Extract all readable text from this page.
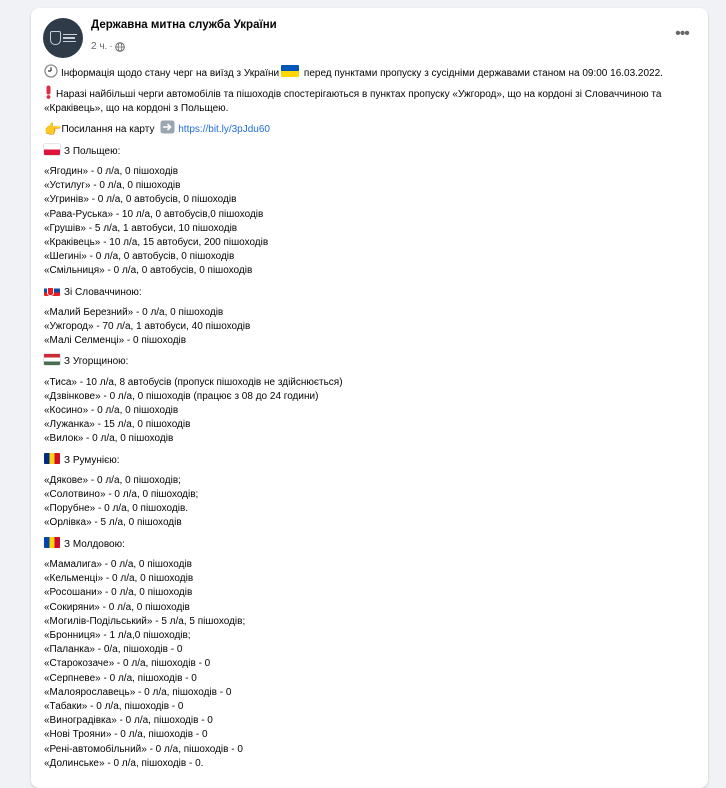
Державна митна служба України
2 ч. ·
•••
Інформація щодо стану черг на виїзд з України перед пунктами пропуску з сусідніми державами станом на 09:00 16.03.2022.
Наразі найбільші черги автомобілів та пішоходів спостерігаються в пунктах пропуску «Ужгород», що на кордоні зі Словаччиною та «Краківець», що на кордоні з Польщею.
👉Посилання на карту https://bit.ly/3pJdu60
З Польщею:
«Ягодин» - 0 л/а, 0 пішоходів
«Устилуг» - 0 л/а, 0 пішоходів
«Угринів» - 0 л/а, 0 автобусів, 0 пішоходів
«Рава-Руська» - 10 л/а, 0 автобусів,0 пішоходів
«Грушів» - 5 л/а, 1 автобуси, 10 пішоходів
«Краківець» - 10 л/а, 15 автобуси, 200 пішоходів
«Шегині» - 0 л/а, 0 автобусів, 0 пішоходів
«Смільниця» - 0 л/а, 0 автобусів, 0 пішоходів
Зі Словаччиною:
«Малий Березний» - 0 л/а, 0 пішоходів
«Ужгород» - 70 л/а, 1 автобуси, 40 пішоходів
«Малі Селменці» - 0 пішоходів
З Угорщиною:
«Тиса» - 10 л/а, 8 автобусів (пропуск пішоходів не здійснюється)
«Дзвінкове» - 0 л/а, 0 пішоходів (працює з 08 до 24 години)
«Косино» - 0 л/а, 0 пішоходів
«Лужанка» - 15 л/а, 0 пішоходів
«Вилок» - 0 л/а, 0 пішоходів
З Румунією:
«Дякове» - 0 л/а, 0 пішоходів;
«Солотвино» - 0 л/а, 0 пішоходів;
«Порубне» - 0 л/а, 0 пішоходів.
«Орлівка» - 5 л/а, 0 пішоходів
З Молдовою:
«Мамалига» - 0 л/а, 0 пішоходів
«Кельменці» - 0 л/а, 0 пішоходів
«Росошани» - 0 л/а, 0 пішоходів
«Сокиряни» - 0 л/а, 0 пішоходів
«Могилів-Подільський» - 5 л/а, 5 пішоходів;
«Бронниця» - 1 л/а,0 пішоходів;
«Паланка» - 0/а, пішоходів - 0
«Старокозаче» - 0 л/а, пішоходів - 0
«Серпневе» - 0 л/а, пішоходів - 0
«Малоярославець» - 0 л/а, пішоходів - 0
«Табаки» - 0 л/а, пішоходів - 0
«Виноградівка» - 0 л/а, пішоходів - 0
«Нові Трояни» - 0 л/а, пішоходів - 0
«Рені-автомобільний» - 0 л/а, пішоходів - 0
«Долинське» - 0 л/а, пішоходів - 0.
